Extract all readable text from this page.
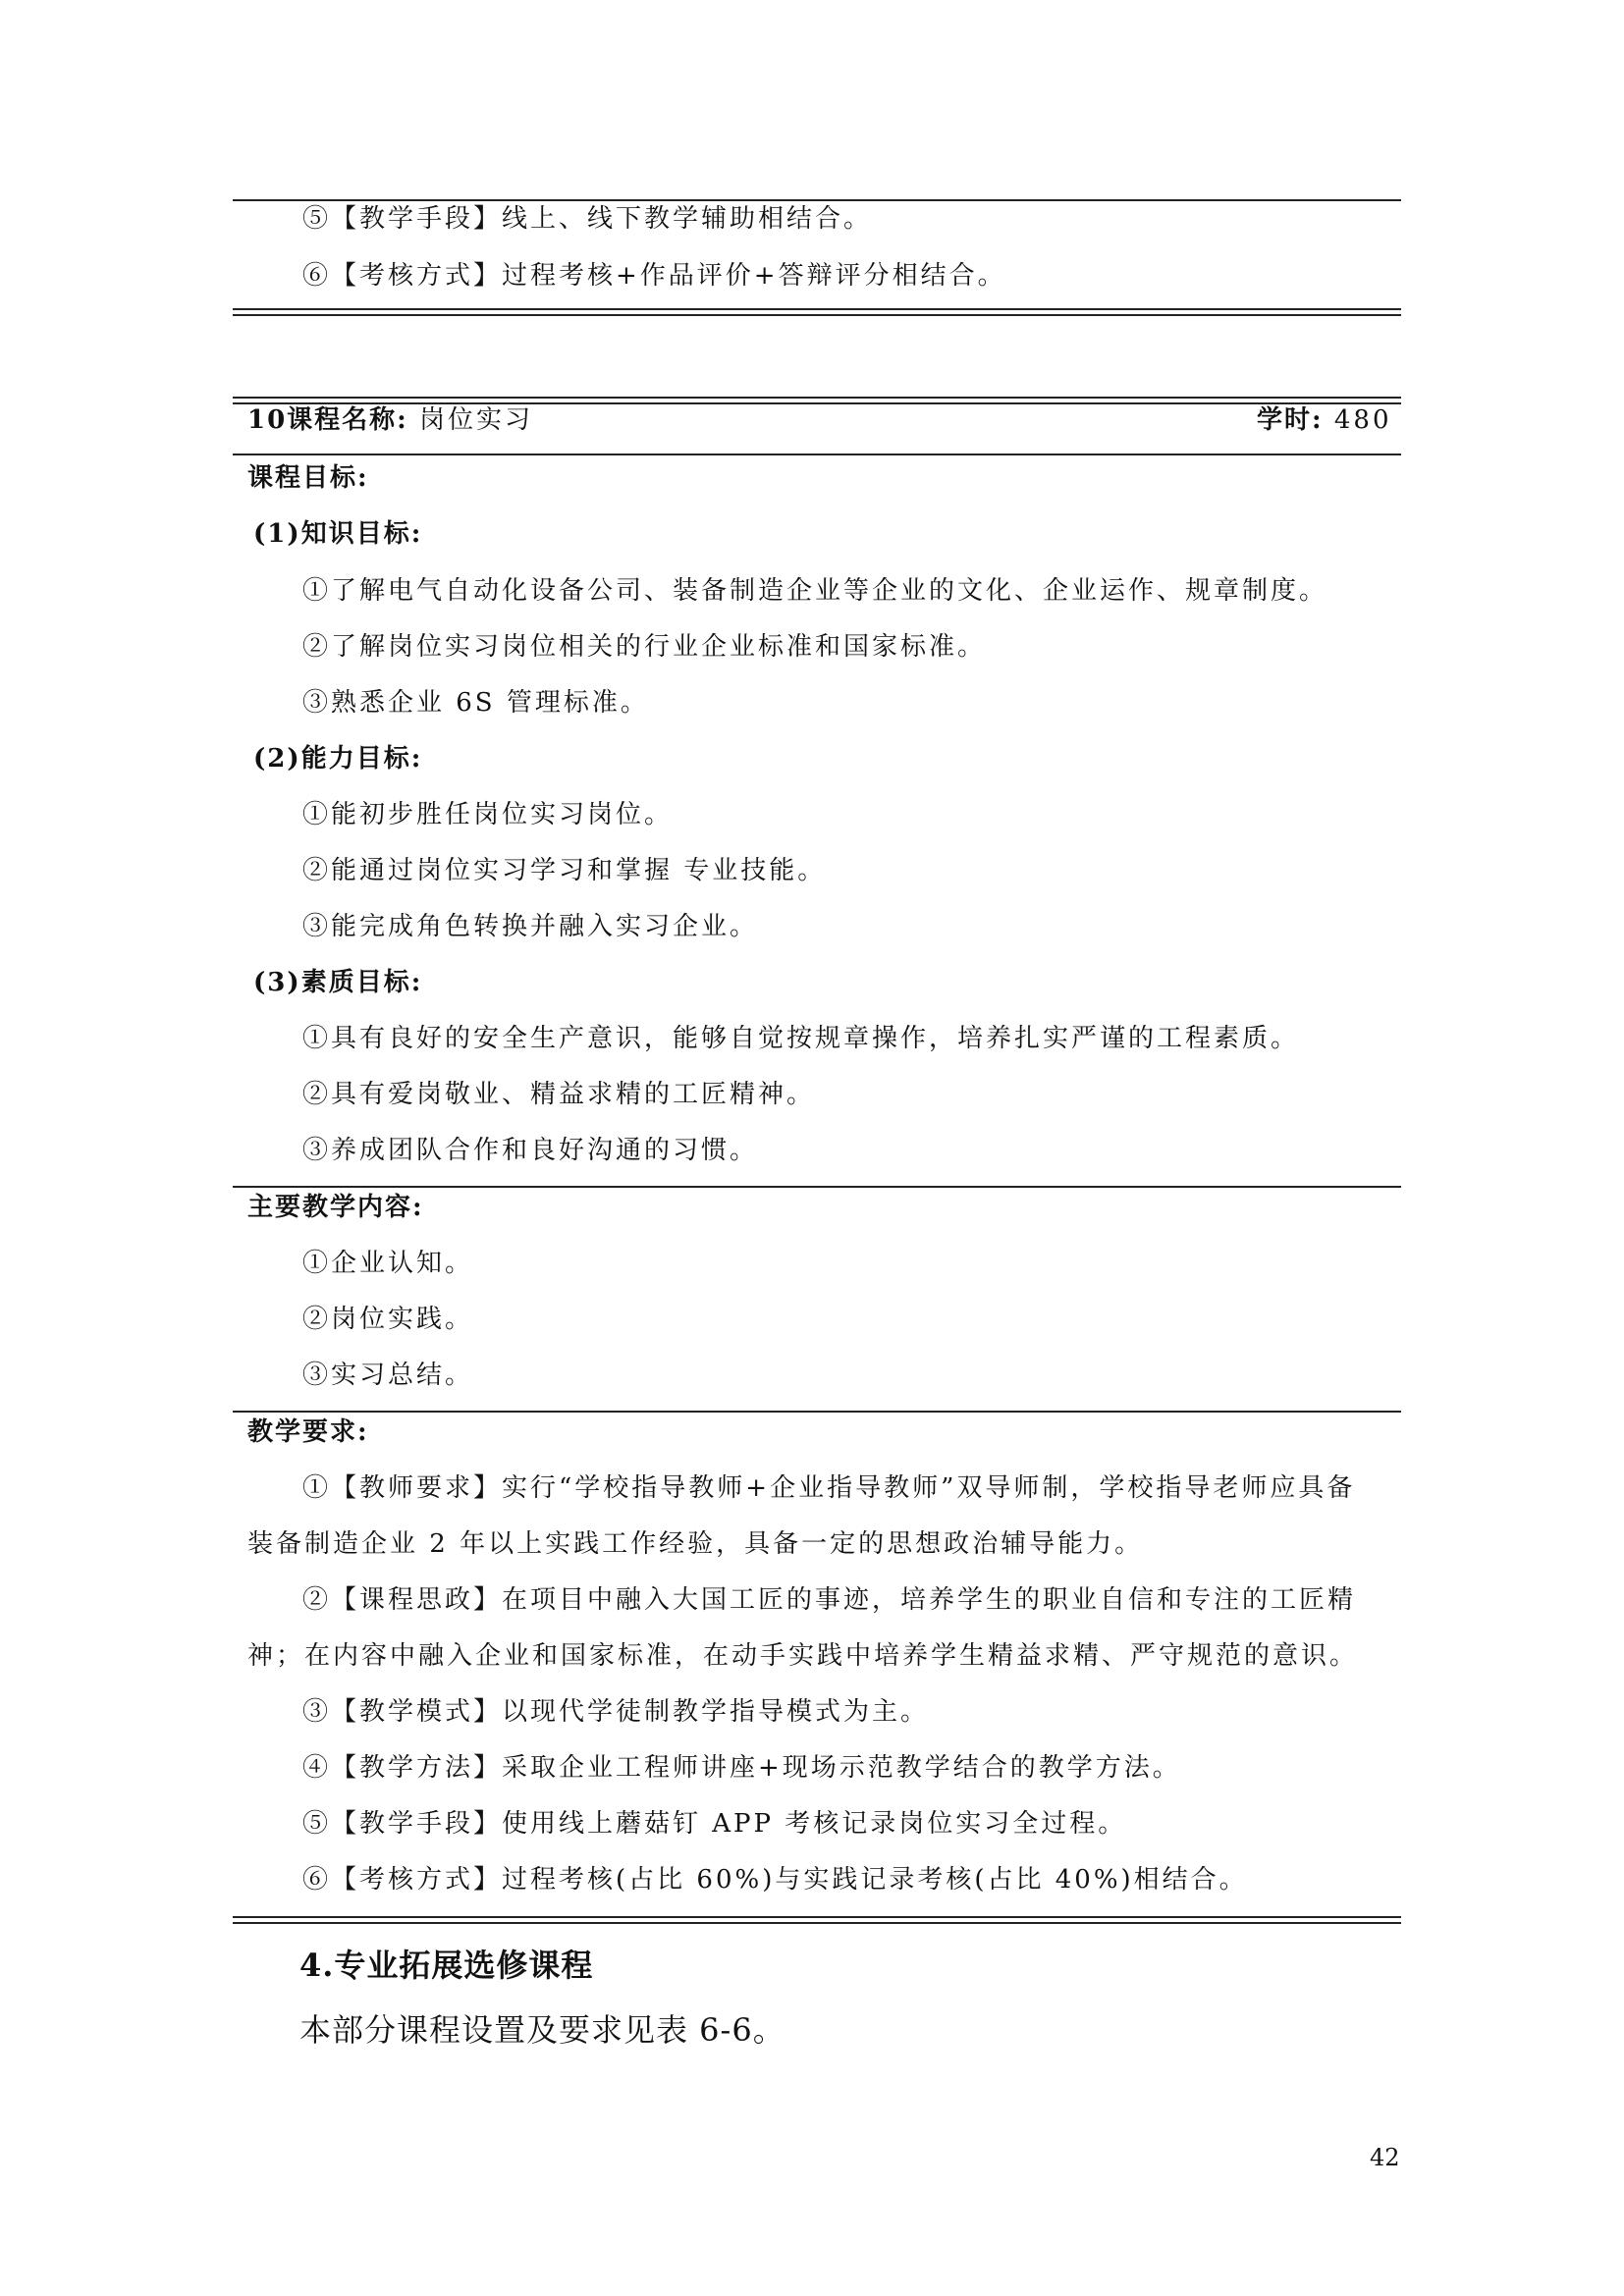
⑤【教学手段】线上、线下教学辅助相结合。
⑥【考核方式】过程考核+作品评价+答辩评分相结合。
10课程名称: 岗位实习	学时: 480
课程目标:
(1)知识目标:
①了解电气自动化设备公司、装备制造企业等企业的文化、企业运作、规章制度。
②了解岗位实习岗位相关的行业企业标准和国家标准。
③熟悉企业 6S 管理标准。
(2)能力目标:
①能初步胜任岗位实习岗位。
②能通过岗位实习学习和掌握 专业技能。
③能完成角色转换并融入实习企业。
(3)素质目标:
①具有良好的安全生产意识，能够自觉按规章操作，培养扎实严谨的工程素质。
②具有爱岗敬业、精益求精的工匠精神。
③养成团队合作和良好沟通的习惯。
主要教学内容:
①企业认知。
②岗位实践。
③实习总结。
教学要求:
①【教师要求】实行“学校指导教师+企业指导教师”双导师制，学校指导老师应具备
装备制造企业 2 年以上实践工作经验，具备一定的思想政治辅导能力。
②【课程思政】在项目中融入大国工匠的事迹，培养学生的职业自信和专注的工匠精
神；在内容中融入企业和国家标准，在动手实践中培养学生精益求精、严守规范的意识。
③【教学模式】以现代学徒制教学指导模式为主。
④【教学方法】采取企业工程师讲座+现场示范教学结合的教学方法。
⑤【教学手段】使用线上蘑菇钉 APP 考核记录岗位实习全过程。
⑥【考核方式】过程考核(占比 60%)与实践记录考核(占比 40%)相结合。
4.专业拓展选修课程
本部分课程设置及要求见表 6-6。
42
